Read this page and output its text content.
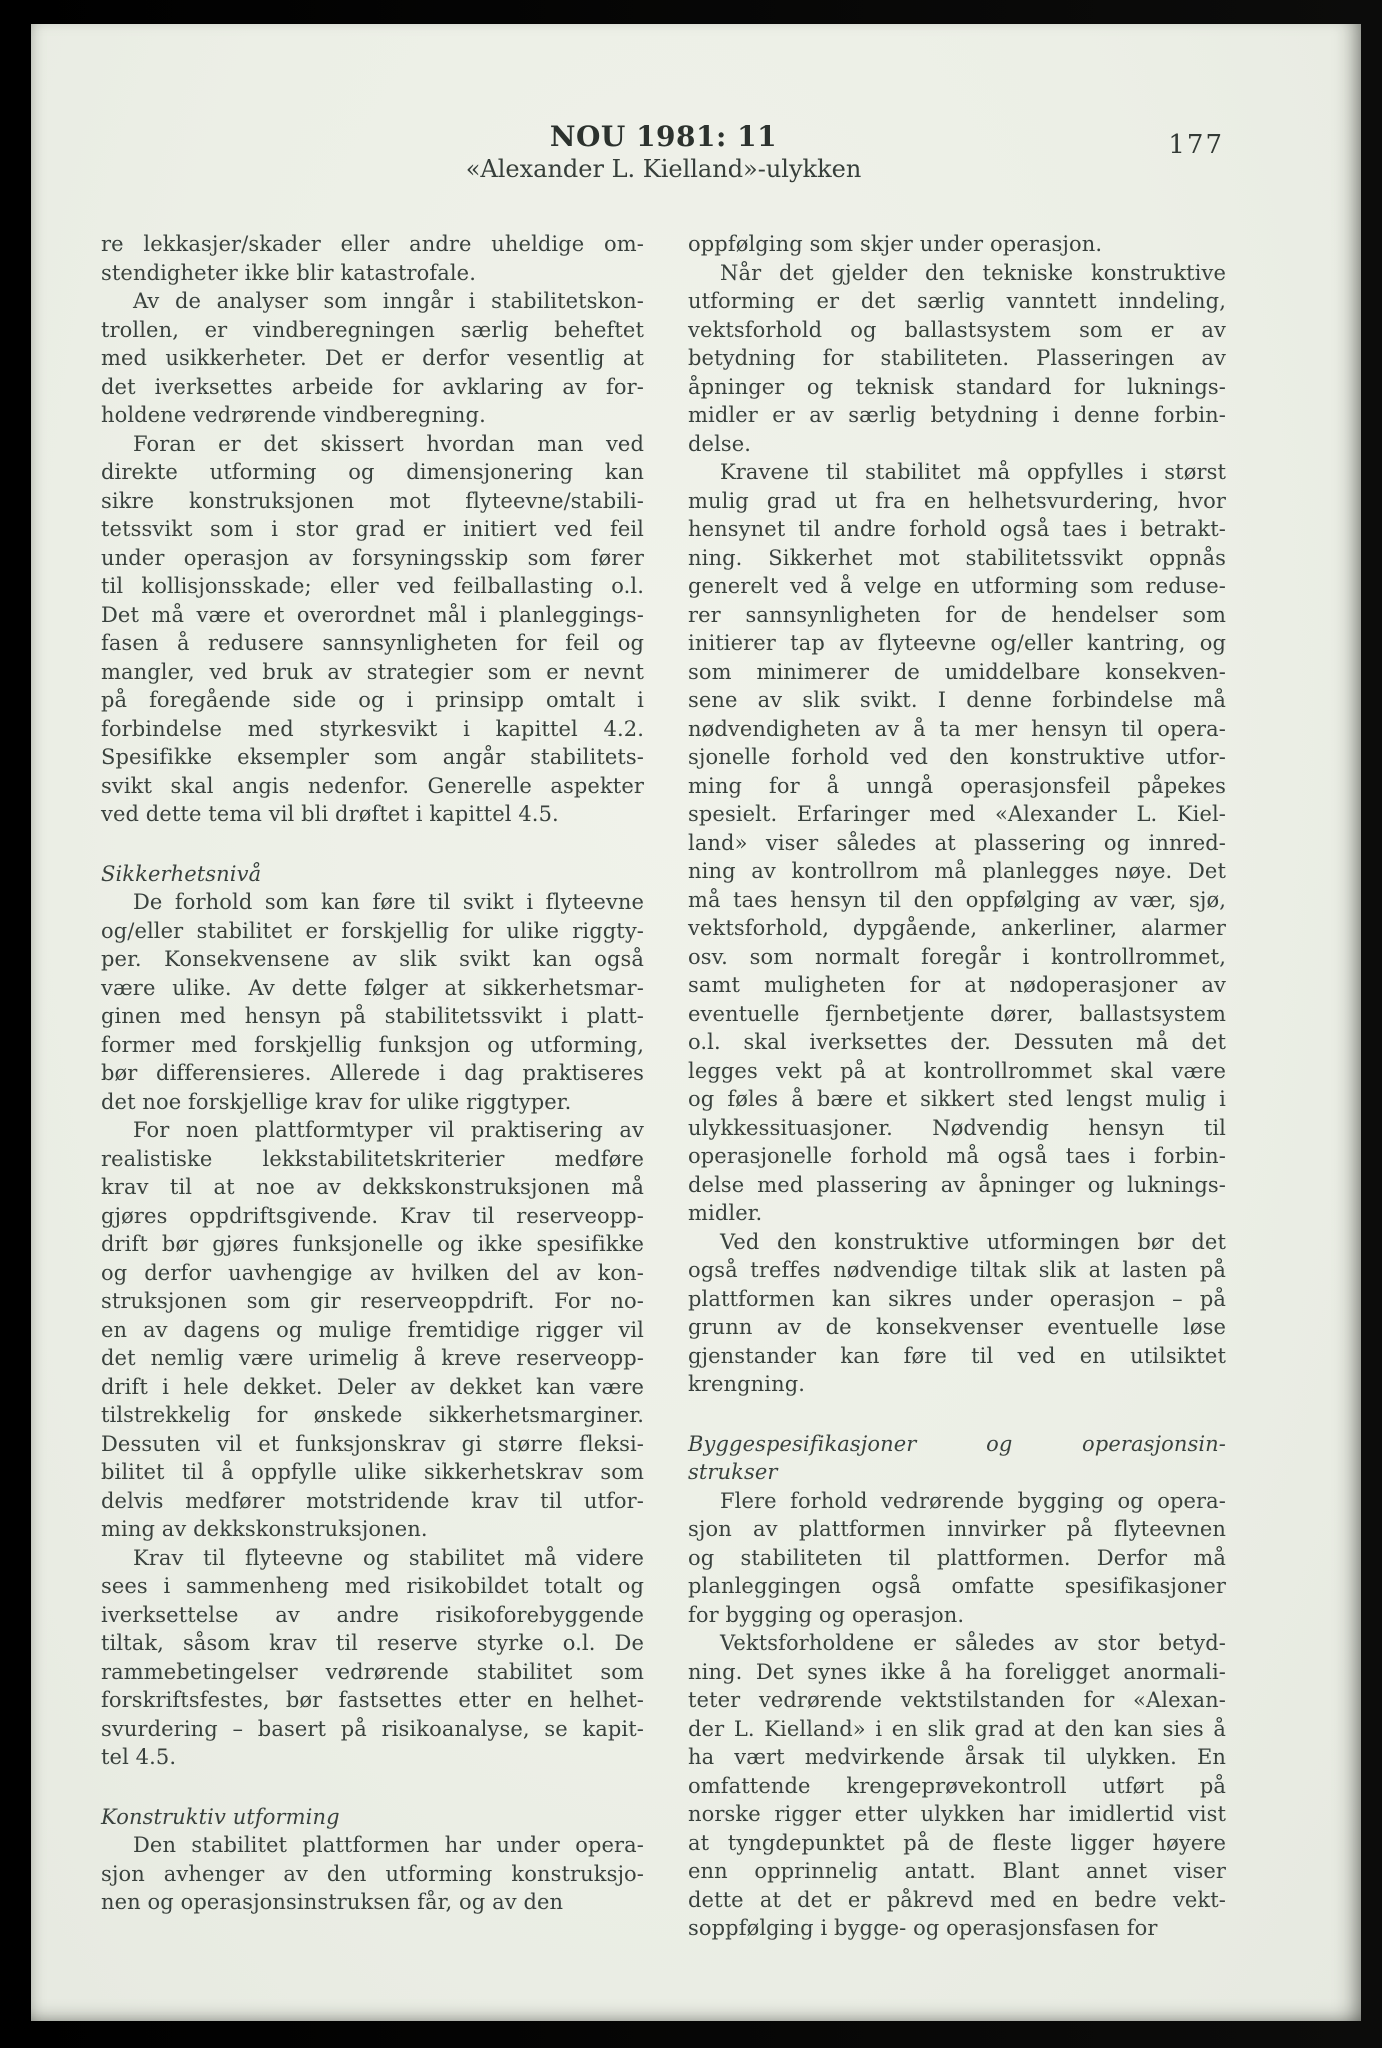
NOU 1981: 11
«Alexander L. Kielland»-ulykken
177
re lekkasjer/skader eller andre uheldige om-
stendigheter ikke blir katastrofale.
Av de analyser som inngår i stabilitetskon-
trollen, er vindberegningen særlig beheftet
med usikkerheter. Det er derfor vesentlig at
det iverksettes arbeide for avklaring av for-
holdene vedrørende vindberegning.
Foran er det skissert hvordan man ved
direkte utforming og dimensjonering kan
sikre konstruksjonen mot flyteevne/stabili-
tetssvikt som i stor grad er initiert ved feil
under operasjon av forsyningsskip som fører
til kollisjonsskade; eller ved feilballasting o.l.
Det må være et overordnet mål i planleggings-
fasen å redusere sannsynligheten for feil og
mangler, ved bruk av strategier som er nevnt
på foregående side og i prinsipp omtalt i
forbindelse med styrkesvikt i kapittel 4.2.
Spesifikke eksempler som angår stabilitets-
svikt skal angis nedenfor. Generelle aspekter
ved dette tema vil bli drøftet i kapittel 4.5.
Sikkerhetsnivå
De forhold som kan føre til svikt i flyteevne
og/eller stabilitet er forskjellig for ulike riggty-
per. Konsekvensene av slik svikt kan også
være ulike. Av dette følger at sikkerhetsmar-
ginen med hensyn på stabilitetssvikt i platt-
former med forskjellig funksjon og utforming,
bør differensieres. Allerede i dag praktiseres
det noe forskjellige krav for ulike riggtyper.
For noen plattformtyper vil praktisering av
realistiske lekkstabilitetskriterier medføre
krav til at noe av dekkskonstruksjonen må
gjøres oppdriftsgivende. Krav til reserveopp-
drift bør gjøres funksjonelle og ikke spesifikke
og derfor uavhengige av hvilken del av kon-
struksjonen som gir reserveoppdrift. For no-
en av dagens og mulige fremtidige rigger vil
det nemlig være urimelig å kreve reserveopp-
drift i hele dekket. Deler av dekket kan være
tilstrekkelig for ønskede sikkerhetsmarginer.
Dessuten vil et funksjonskrav gi større fleksi-
bilitet til å oppfylle ulike sikkerhetskrav som
delvis medfører motstridende krav til utfor-
ming av dekkskonstruksjonen.
Krav til flyteevne og stabilitet må videre
sees i sammenheng med risikobildet totalt og
iverksettelse av andre risikoforebyggende
tiltak, såsom krav til reserve styrke o.l. De
rammebetingelser vedrørende stabilitet som
forskriftsfestes, bør fastsettes etter en helhet-
svurdering – basert på risikoanalyse, se kapit-
tel 4.5.
Konstruktiv utforming
Den stabilitet plattformen har under opera-
sjon avhenger av den utforming konstruksjo-
nen og operasjonsinstruksen får, og av den
oppfølging som skjer under operasjon.
Når det gjelder den tekniske konstruktive
utforming er det særlig vanntett inndeling,
vektsforhold og ballastsystem som er av
betydning for stabiliteten. Plasseringen av
åpninger og teknisk standard for luknings-
midler er av særlig betydning i denne forbin-
delse.
Kravene til stabilitet må oppfylles i størst
mulig grad ut fra en helhetsvurdering, hvor
hensynet til andre forhold også taes i betrakt-
ning. Sikkerhet mot stabilitetssvikt oppnås
generelt ved å velge en utforming som reduse-
rer sannsynligheten for de hendelser som
initierer tap av flyteevne og/eller kantring, og
som minimerer de umiddelbare konsekven-
sene av slik svikt. I denne forbindelse må
nødvendigheten av å ta mer hensyn til opera-
sjonelle forhold ved den konstruktive utfor-
ming for å unngå operasjonsfeil påpekes
spesielt. Erfaringer med «Alexander L. Kiel-
land» viser således at plassering og innred-
ning av kontrollrom må planlegges nøye. Det
må taes hensyn til den oppfølging av vær, sjø,
vektsforhold, dypgående, ankerliner, alarmer
osv. som normalt foregår i kontrollrommet,
samt muligheten for at nødoperasjoner av
eventuelle fjernbetjente dører, ballastsystem
o.l. skal iverksettes der. Dessuten må det
legges vekt på at kontrollrommet skal være
og føles å bære et sikkert sted lengst mulig i
ulykkessituasjoner. Nødvendig hensyn til
operasjonelle forhold må også taes i forbin-
delse med plassering av åpninger og luknings-
midler.
Ved den konstruktive utformingen bør det
også treffes nødvendige tiltak slik at lasten på
plattformen kan sikres under operasjon – på
grunn av de konsekvenser eventuelle løse
gjenstander kan føre til ved en utilsiktet
krengning.
Byggespesifikasjoner og operasjonsin-
strukser
Flere forhold vedrørende bygging og opera-
sjon av plattformen innvirker på flyteevnen
og stabiliteten til plattformen. Derfor må
planleggingen også omfatte spesifikasjoner
for bygging og operasjon.
Vektsforholdene er således av stor betyd-
ning. Det synes ikke å ha foreligget anormali-
teter vedrørende vektstilstanden for «Alexan-
der L. Kielland» i en slik grad at den kan sies å
ha vært medvirkende årsak til ulykken. En
omfattende krengeprøvekontroll utført på
norske rigger etter ulykken har imidlertid vist
at tyngdepunktet på de fleste ligger høyere
enn opprinnelig antatt. Blant annet viser
dette at det er påkrevd med en bedre vekt-
soppfølging i bygge- og operasjonsfasen for
